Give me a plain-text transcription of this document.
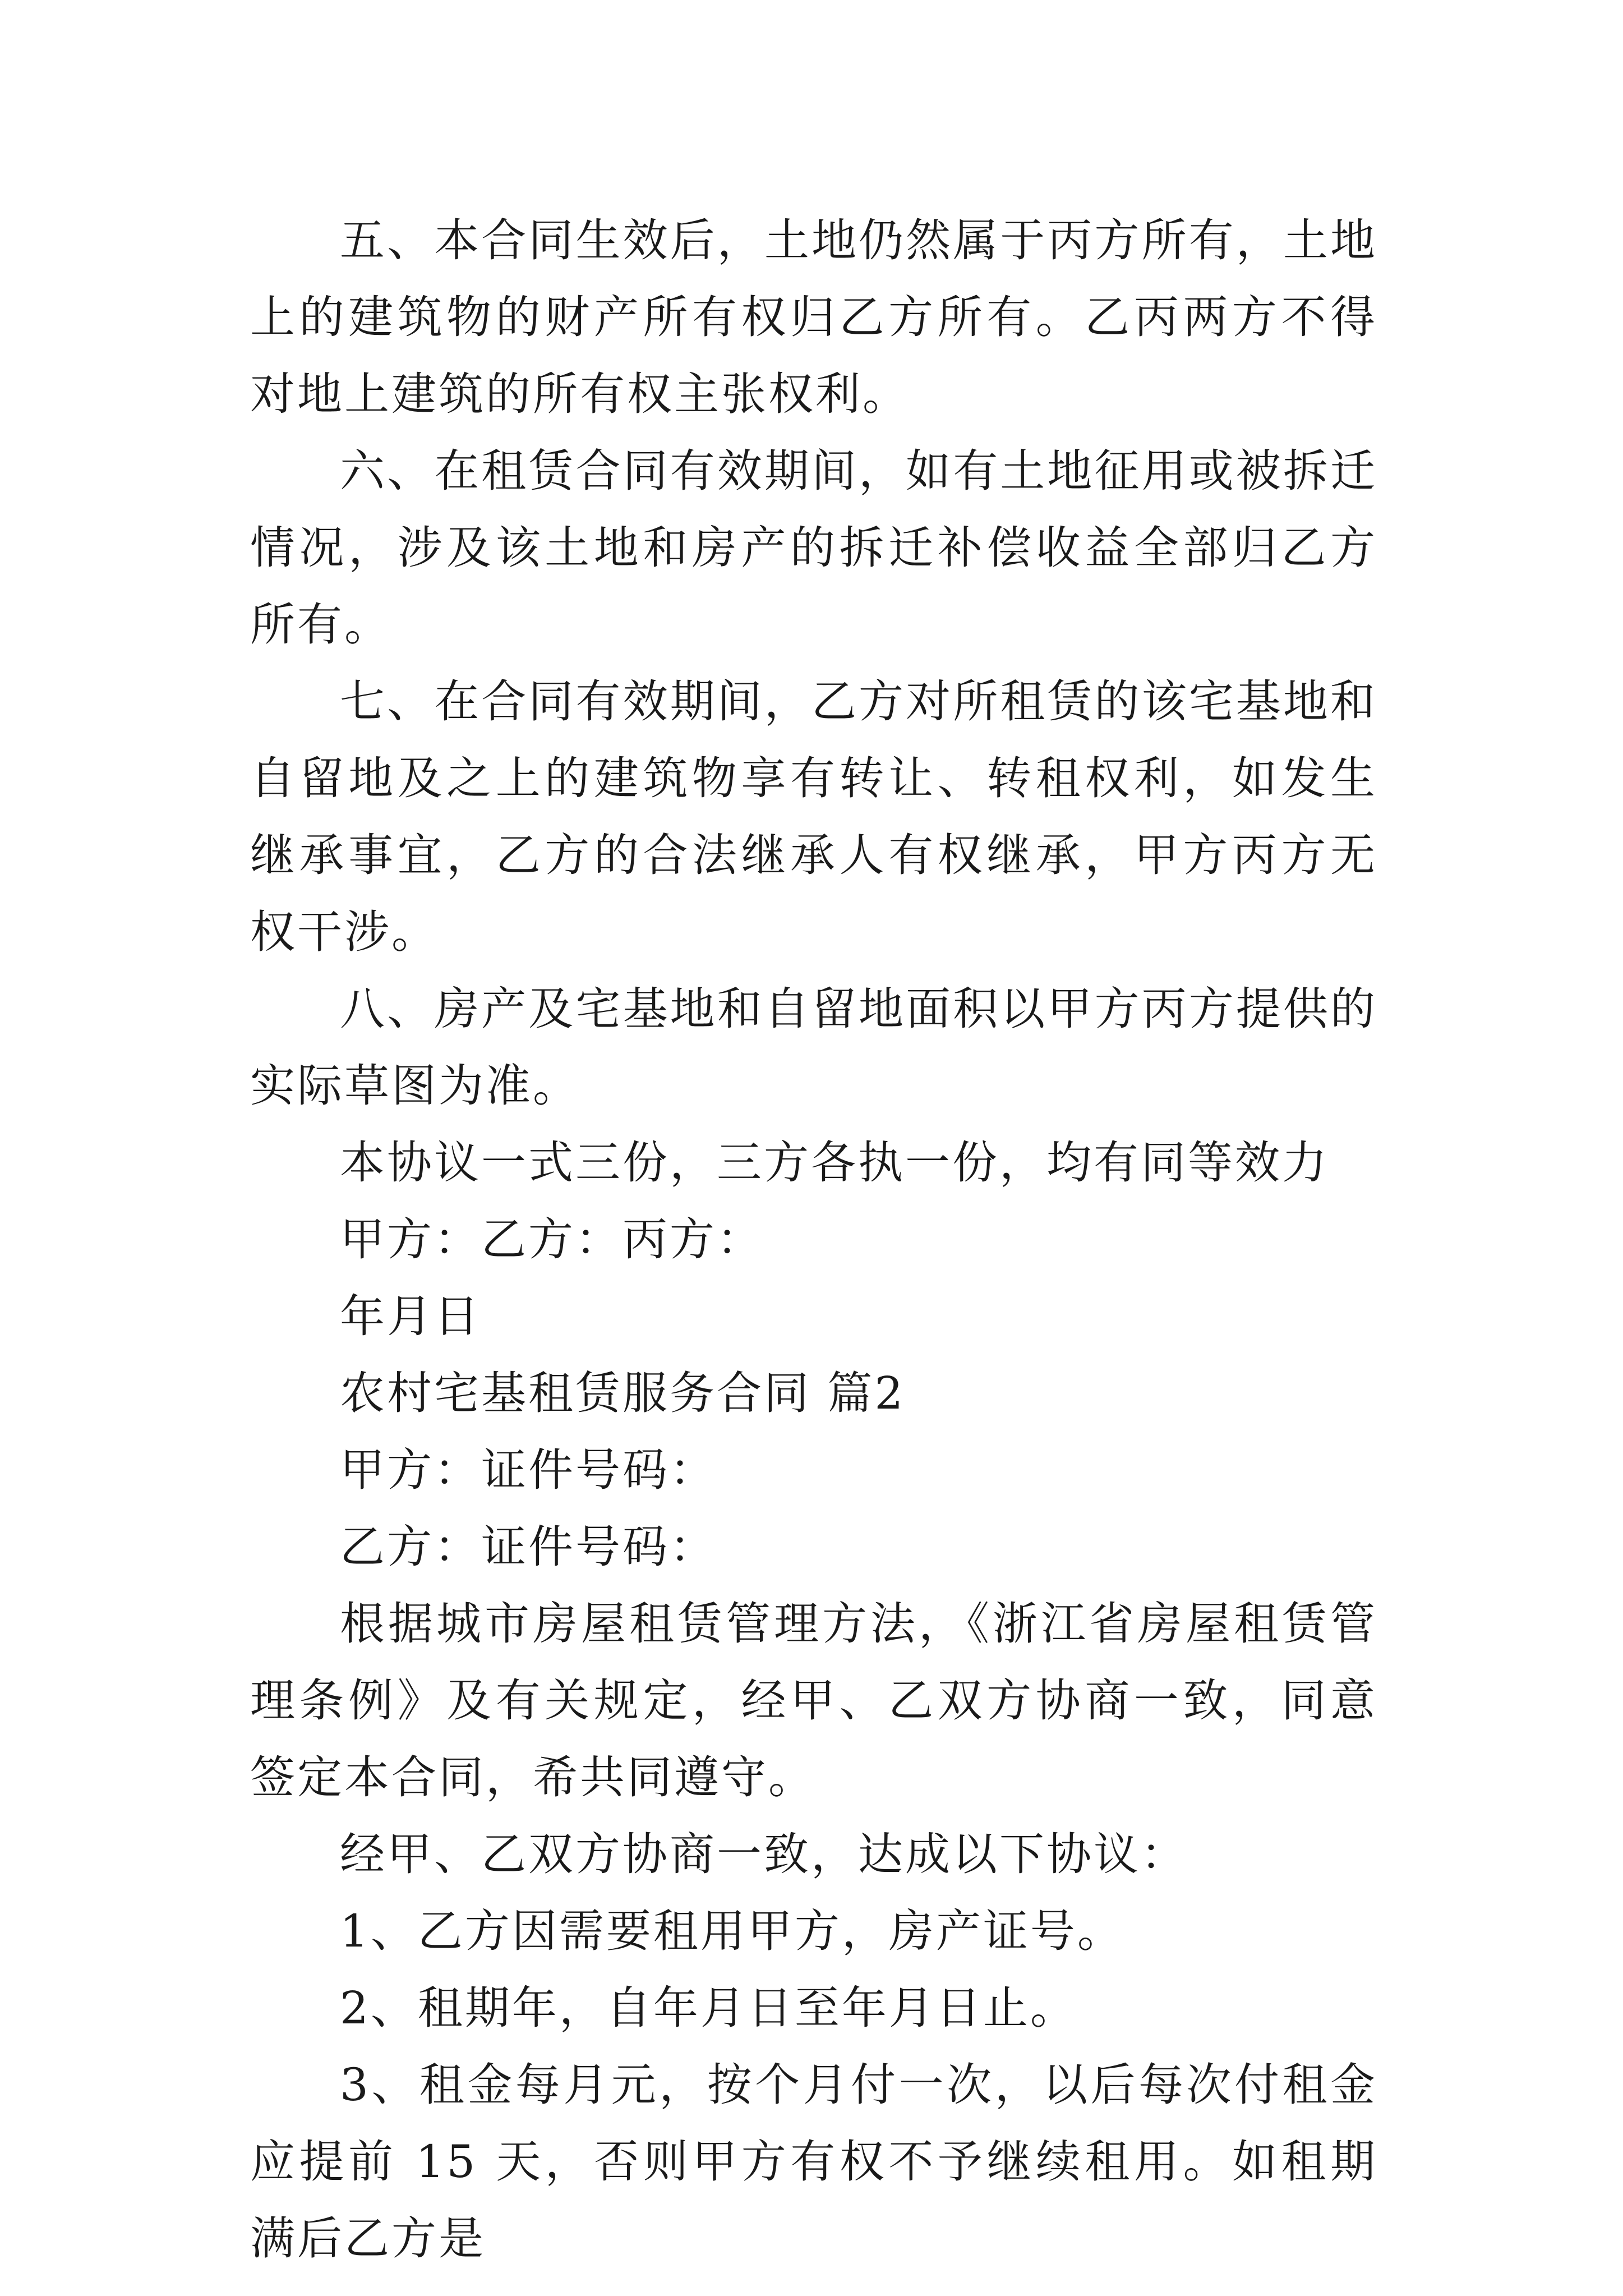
五、本合同生效后，土地仍然属于丙方所有，土地上的建筑物的财产所有权归乙方所有。乙丙两方不得对地上建筑的所有权主张权利。

六、在租赁合同有效期间，如有土地征用或被拆迁情况，涉及该土地和房产的拆迁补偿收益全部归乙方所有。

七、在合同有效期间，乙方对所租赁的该宅基地和自留地及之上的建筑物享有转让、转租权利，如发生继承事宜，乙方的合法继承人有权继承，甲方丙方无权干涉。

八、房产及宅基地和自留地面积以甲方丙方提供的实际草图为准。

本协议一式三份，三方各执一份，均有同等效力

甲方：乙方：丙方：

年月日

农村宅基租赁服务合同 篇2

甲方：证件号码：

乙方：证件号码：

根据城市房屋租赁管理方法，《浙江省房屋租赁管理条例》及有关规定，经甲、乙双方协商一致，同意签定本合同，希共同遵守。

经甲、乙双方协商一致，达成以下协议：

1、乙方因需要租用甲方，房产证号。

2、租期年，自年月日至年月日止。

3、租金每月元，按个月付一次，以后每次付租金应提前 15 天，否则甲方有权不予继续租用。如租期满后乙方是
